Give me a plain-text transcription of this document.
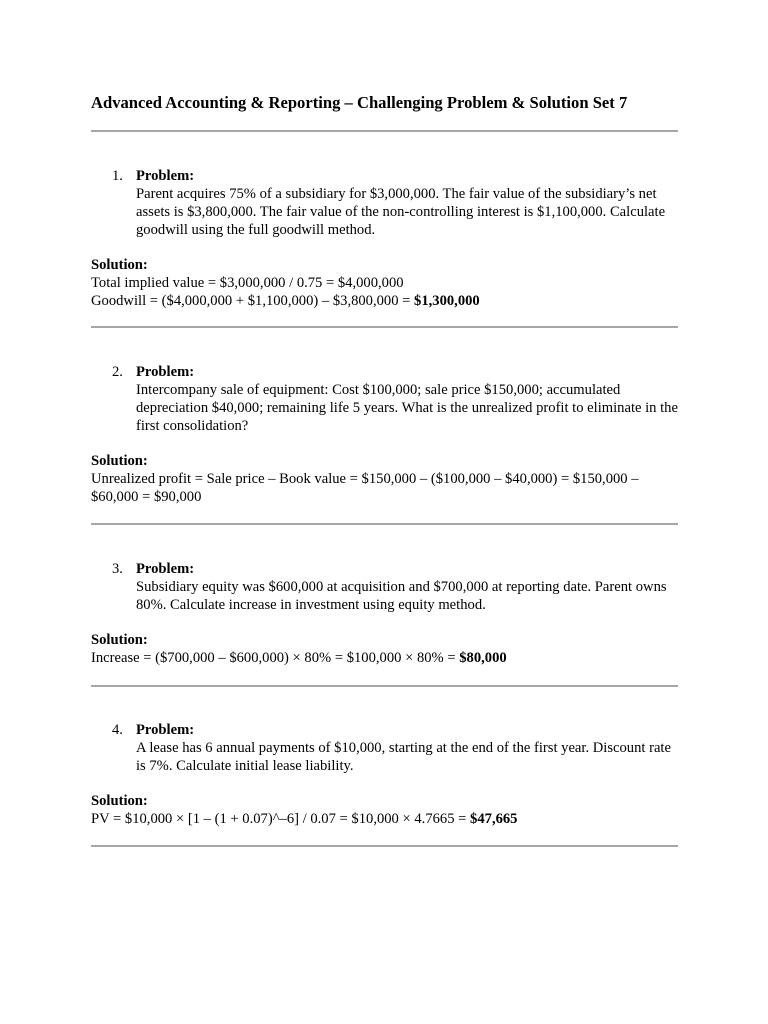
Advanced Accounting & Reporting – Challenging Problem & Solution Set 7
1. Problem:
Parent acquires 75% of a subsidiary for $3,000,000. The fair value of the subsidiary’s net assets is $3,800,000. The fair value of the non-controlling interest is $1,100,000. Calculate goodwill using the full goodwill method.
Solution:
Total implied value = $3,000,000 / 0.75 = $4,000,000
Goodwill = ($4,000,000 + $1,100,000) – $3,800,000 = $1,300,000
2. Problem:
Intercompany sale of equipment: Cost $100,000; sale price $150,000; accumulated depreciation $40,000; remaining life 5 years. What is the unrealized profit to eliminate in the first consolidation?
Solution:
Unrealized profit = Sale price – Book value = $150,000 – ($100,000 – $40,000) = $150,000 – $60,000 = $90,000
3. Problem:
Subsidiary equity was $600,000 at acquisition and $700,000 at reporting date. Parent owns 80%. Calculate increase in investment using equity method.
Solution:
Increase = ($700,000 – $600,000) × 80% = $100,000 × 80% = $80,000
4. Problem:
A lease has 6 annual payments of $10,000, starting at the end of the first year. Discount rate is 7%. Calculate initial lease liability.
Solution:
PV = $10,000 × [1 – (1 + 0.07)^–6] / 0.07 = $10,000 × 4.7665 = $47,665
